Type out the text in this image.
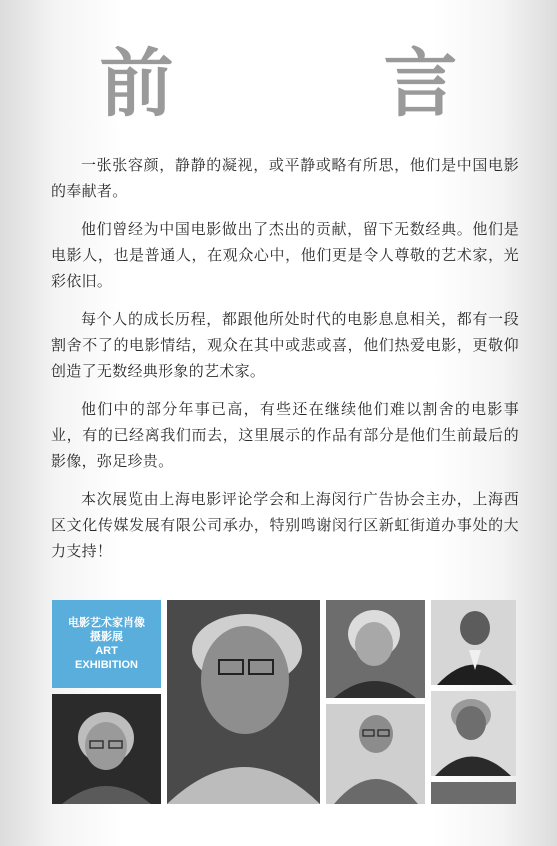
前　言

一张张容颜，静静的凝视，或平静或略有所思，他们是中国电影的奉献者。

他们曾经为中国电影做出了杰出的贡献，留下无数经典。他们是电影人，也是普通人，在观众心中，他们更是令人尊敬的艺术家，光彩依旧。

每个人的成长历程，都跟他所处时代的电影息息相关，都有一段割舍不了的电影情结，观众在其中或悲或喜，他们热爱电影，更敬仰创造了无数经典形象的艺术家。

他们中的部分年事已高，有些还在继续他们难以割舍的电影事业，有的已经离我们而去，这里展示的作品有部分是他们生前最后的影像，弥足珍贵。

本次展览由上海电影评论学会和上海闵行广告协会主办，上海西区文化传媒发展有限公司承办，特别鸣谢闵行区新虹街道办事处的大力支持！

电影艺术家肖像
摄影展
ART
EXHIBITION
